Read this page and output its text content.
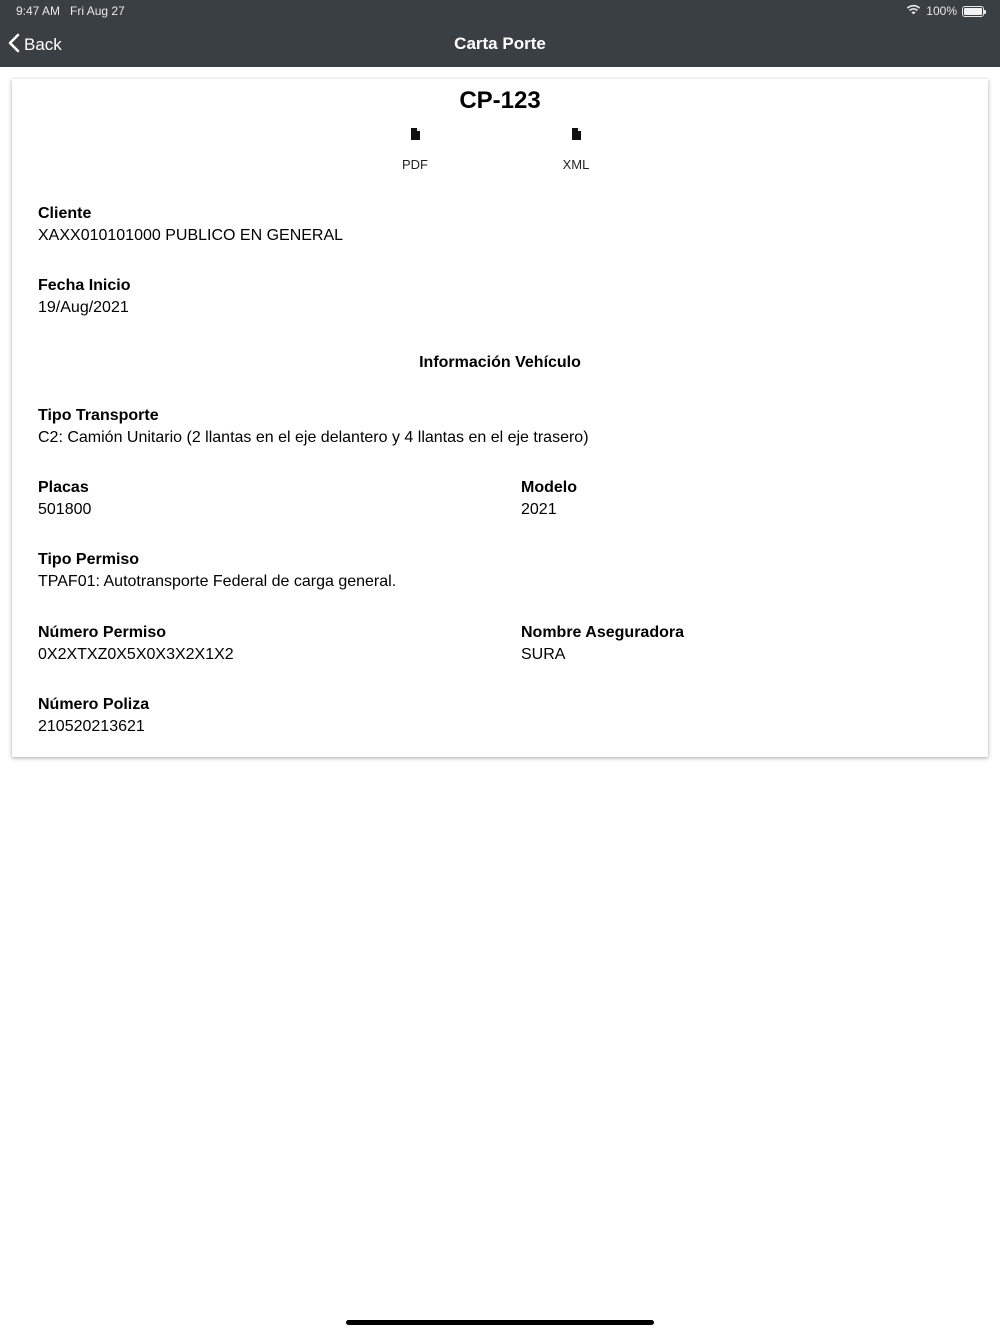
9:47 AM Fri Aug 27	100%
Back	Carta Porte
CP-123
PDF	XML
Cliente
XAXX010101000 PUBLICO EN GENERAL
Fecha Inicio
19/Aug/2021
Información Vehículo
Tipo Transporte
C2: Camión Unitario (2 llantas en el eje delantero y 4 llantas en el eje trasero)
Placas
501800
Modelo
2021
Tipo Permiso
TPAF01: Autotransporte Federal de carga general.
Número Permiso
0X2XTXZ0X5X0X3X2X1X2
Nombre Aseguradora
SURA
Número Poliza
210520213621
